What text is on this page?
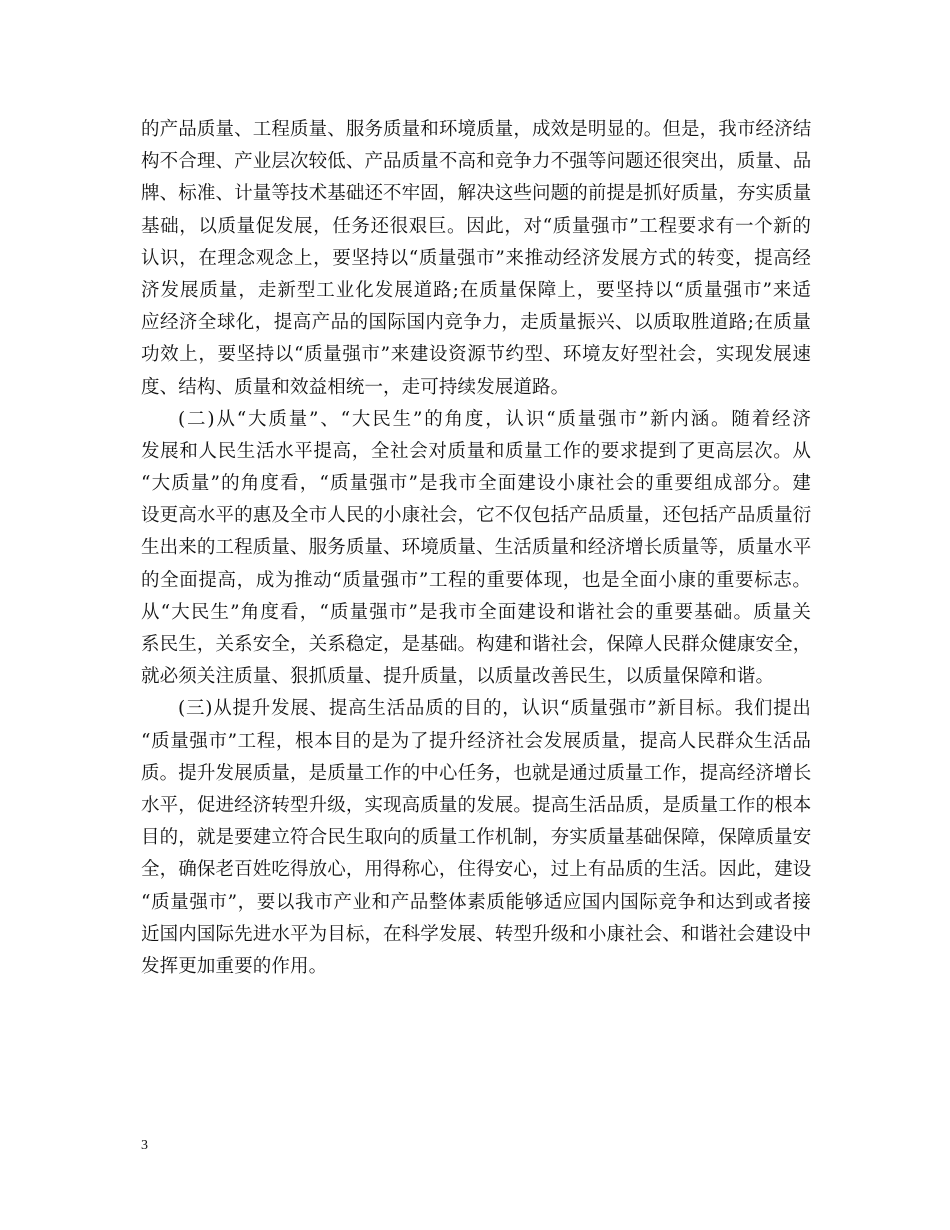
的产品质量、工程质量、服务质量和环境质量，成效是明显的。但是，我市经济结
构不合理、产业层次较低、产品质量不高和竞争力不强等问题还很突出，质量、品
牌、标准、计量等技术基础还不牢固，解决这些问题的前提是抓好质量，夯实质量
基础，以质量促发展，任务还很艰巨。因此，对“质量强市”工程要求有一个新的
认识，在理念观念上，要坚持以“质量强市”来推动经济发展方式的转变，提高经
济发展质量，走新型工业化发展道路;在质量保障上，要坚持以“质量强市”来适
应经济全球化，提高产品的国际国内竞争力，走质量振兴、以质取胜道路;在质量
功效上，要坚持以“质量强市”来建设资源节约型、环境友好型社会，实现发展速
度、结构、质量和效益相统一，走可持续发展道路。
(二)从“大质量”、“大民生”的角度，认识“质量强市”新内涵。随着经济
发展和人民生活水平提高，全社会对质量和质量工作的要求提到了更高层次。从
“大质量”的角度看，“质量强市”是我市全面建设小康社会的重要组成部分。建
设更高水平的惠及全市人民的小康社会，它不仅包括产品质量，还包括产品质量衍
生出来的工程质量、服务质量、环境质量、生活质量和经济增长质量等，质量水平
的全面提高，成为推动“质量强市”工程的重要体现，也是全面小康的重要标志。
从“大民生”角度看，“质量强市”是我市全面建设和谐社会的重要基础。质量关
系民生，关系安全，关系稳定，是基础。构建和谐社会，保障人民群众健康安全，
就必须关注质量、狠抓质量、提升质量，以质量改善民生，以质量保障和谐。
(三)从提升发展、提高生活品质的目的，认识“质量强市”新目标。我们提出
“质量强市”工程，根本目的是为了提升经济社会发展质量，提高人民群众生活品
质。提升发展质量，是质量工作的中心任务，也就是通过质量工作，提高经济增长
水平，促进经济转型升级，实现高质量的发展。提高生活品质，是质量工作的根本
目的，就是要建立符合民生取向的质量工作机制，夯实质量基础保障，保障质量安
全，确保老百姓吃得放心，用得称心，住得安心，过上有品质的生活。因此，建设
“质量强市”，要以我市产业和产品整体素质能够适应国内国际竞争和达到或者接
近国内国际先进水平为目标，在科学发展、转型升级和小康社会、和谐社会建设中
发挥更加重要的作用。
3
